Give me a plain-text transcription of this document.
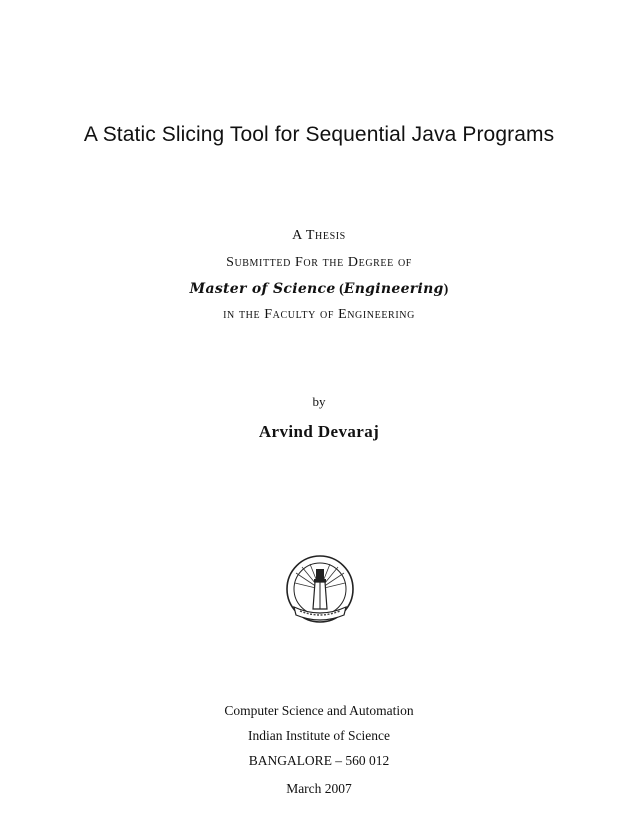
A Static Slicing Tool for Sequential Java Programs
A Thesis
Submitted For the Degree of
Master of Science (Engineering)
in the Faculty of Engineering
by
Arvind Devaraj
Computer Science and Automation
Indian Institute of Science
BANGALORE – 560 012
March 2007
